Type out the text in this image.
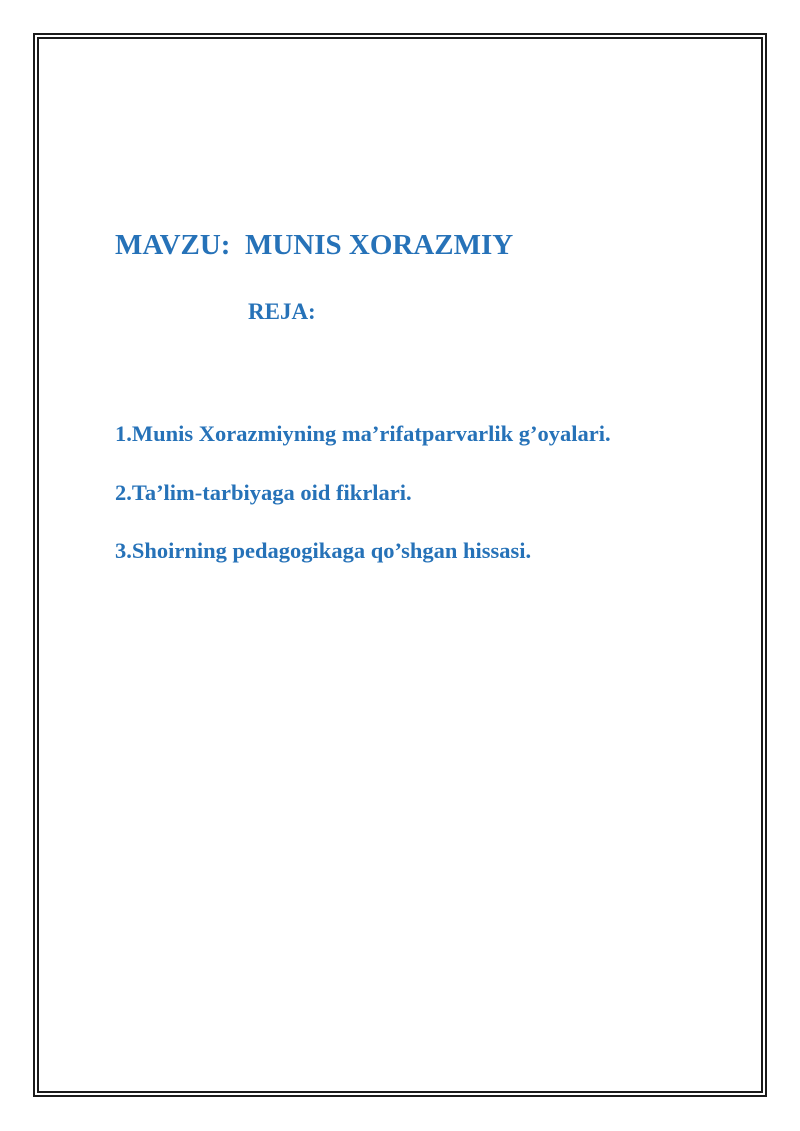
MAVZU:  MUNIS XORAZMIY
REJA:
1.Munis Xorazmiyning ma’rifatparvarlik g’oyalari.
2.Ta’lim-tarbiyaga oid fikrlari.
3.Shoirning pedagogikaga qo’shgan hissasi.
